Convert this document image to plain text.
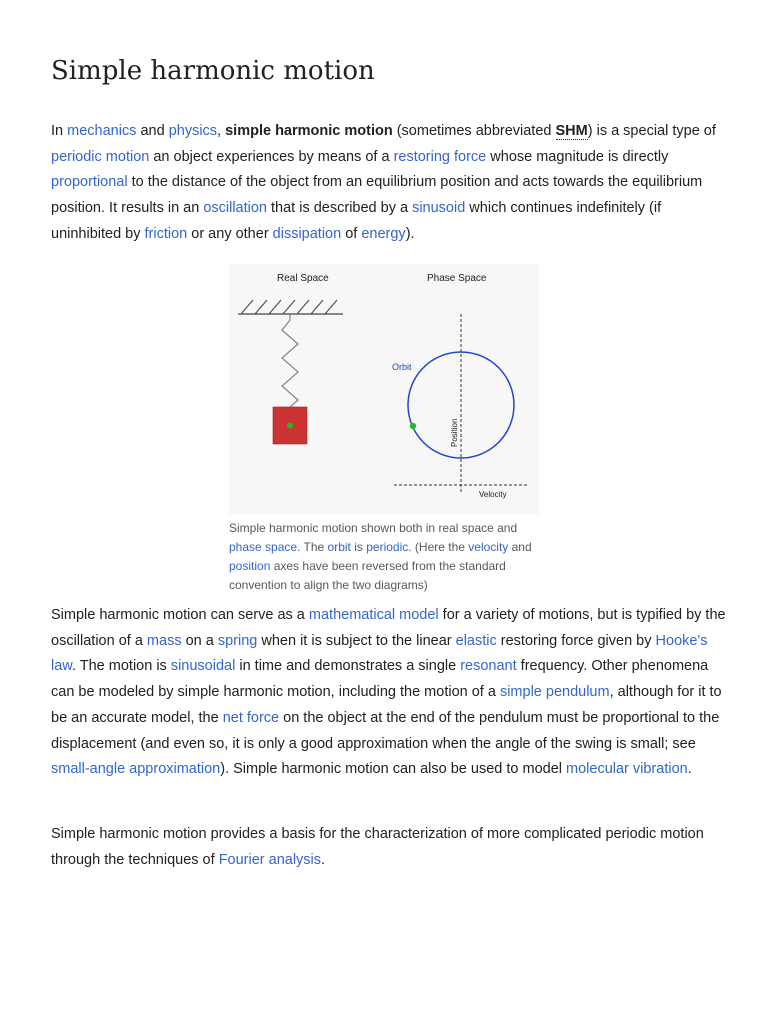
Simple harmonic motion

In mechanics and physics, simple harmonic motion (sometimes abbreviated SHM) is a special type of periodic motion an object experiences by means of a restoring force whose magnitude is directly proportional to the distance of the object from an equilibrium position and acts towards the equilibrium position. It results in an oscillation that is described by a sinusoid which continues indefinitely (if uninhibited by friction or any other dissipation of energy).

Real Space	Phase Space
Orbit
Position
Velocity

Simple harmonic motion shown both in real space and phase space. The orbit is periodic. (Here the velocity and position axes have been reversed from the standard convention to align the two diagrams)

Simple harmonic motion can serve as a mathematical model for a variety of motions, but is typified by the oscillation of a mass on a spring when it is subject to the linear elastic restoring force given by Hooke's law. The motion is sinusoidal in time and demonstrates a single resonant frequency. Other phenomena can be modeled by simple harmonic motion, including the motion of a simple pendulum, although for it to be an accurate model, the net force on the object at the end of the pendulum must be proportional to the displacement (and even so, it is only a good approximation when the angle of the swing is small; see small-angle approximation). Simple harmonic motion can also be used to model molecular vibration.

Simple harmonic motion provides a basis for the characterization of more complicated periodic motion through the techniques of Fourier analysis.
